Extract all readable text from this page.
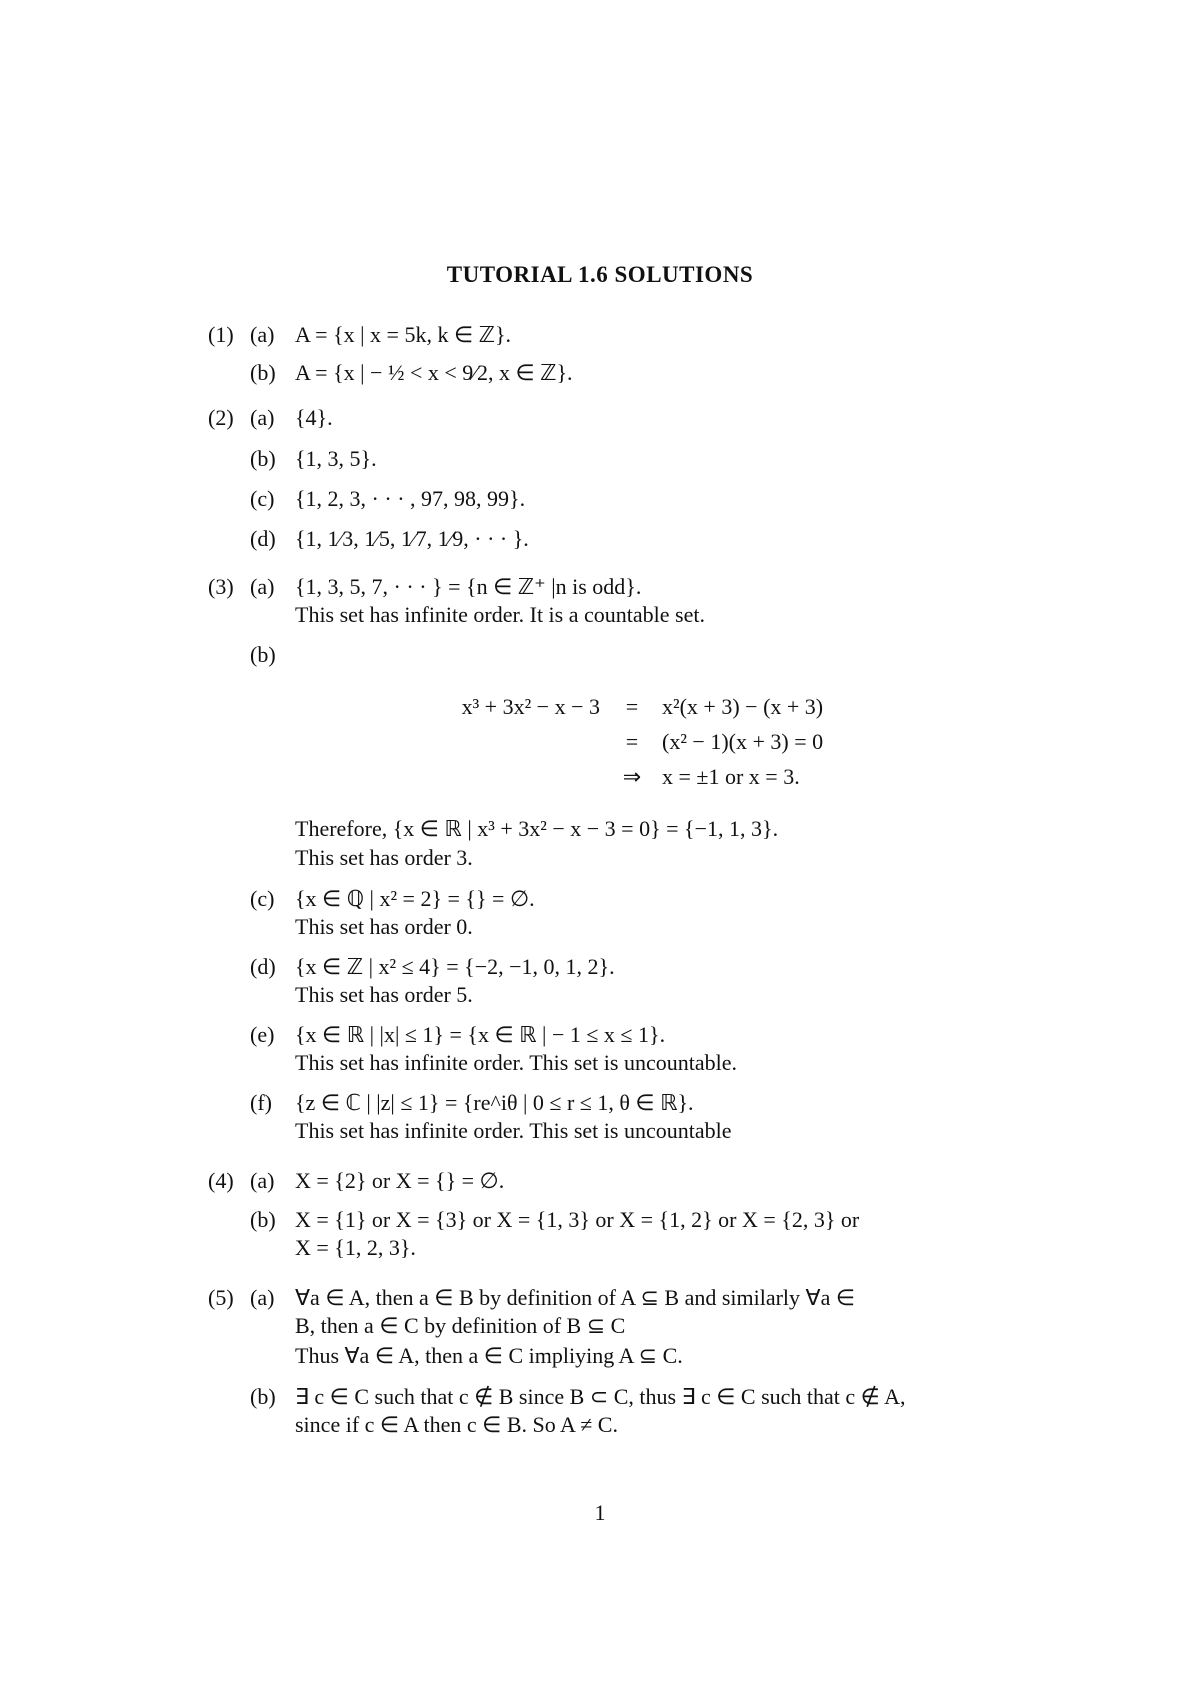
TUTORIAL 1.6 SOLUTIONS
(1) (a) A = {x | x = 5k, k ∈ ℤ}.
(b) A = {x | − ½ < x < 9⁄2, x ∈ ℤ}.
(2) (a) {4}.
(b) {1, 3, 5}.
(c) {1, 2, 3, · · · , 97, 98, 99}.
(d) {1, 1⁄3, 1⁄5, 1⁄7, 1⁄9, · · · }.
(3) (a) {1, 3, 5, 7, · · · } = {n ∈ ℤ⁺ |n is odd}.
This set has infinite order. It is a countable set.
(b)
x³ + 3x² − x − 3	=	x²(x + 3) − (x + 3)
=	(x² − 1)(x + 3) = 0
⇒ x = ±1 or x = 3.
Therefore, {x ∈ ℝ | x³ + 3x² − x − 3 = 0} = {−1, 1, 3}.
This set has order 3.
(c) {x ∈ ℚ | x² = 2} = {} = ∅.
This set has order 0.
(d) {x ∈ ℤ | x² ≤ 4} = {−2, −1, 0, 1, 2}.
This set has order 5.
(e) {x ∈ ℝ | |x| ≤ 1} = {x ∈ ℝ | − 1 ≤ x ≤ 1}.
This set has infinite order. This set is uncountable.
(f) {z ∈ ℂ | |z| ≤ 1} = {re^iθ | 0 ≤ r ≤ 1, θ ∈ ℝ}.
This set has infinite order. This set is uncountable
(4) (a) X = {2} or X = {} = ∅.
(b) X = {1} or X = {3} or X = {1, 3} or X = {1, 2} or X = {2, 3} or
X = {1, 2, 3}.
(5) (a) ∀a ∈ A, then a ∈ B by definition of A ⊆ B and similarly ∀a ∈
B, then a ∈ C by definition of B ⊆ C
Thus ∀a ∈ A, then a ∈ C impliying A ⊆ C.
(b) ∃ c ∈ C such that c ∉ B since B ⊂ C, thus ∃ c ∈ C such that c ∉ A,
since if c ∈ A then c ∈ B. So A ≠ C.
1
